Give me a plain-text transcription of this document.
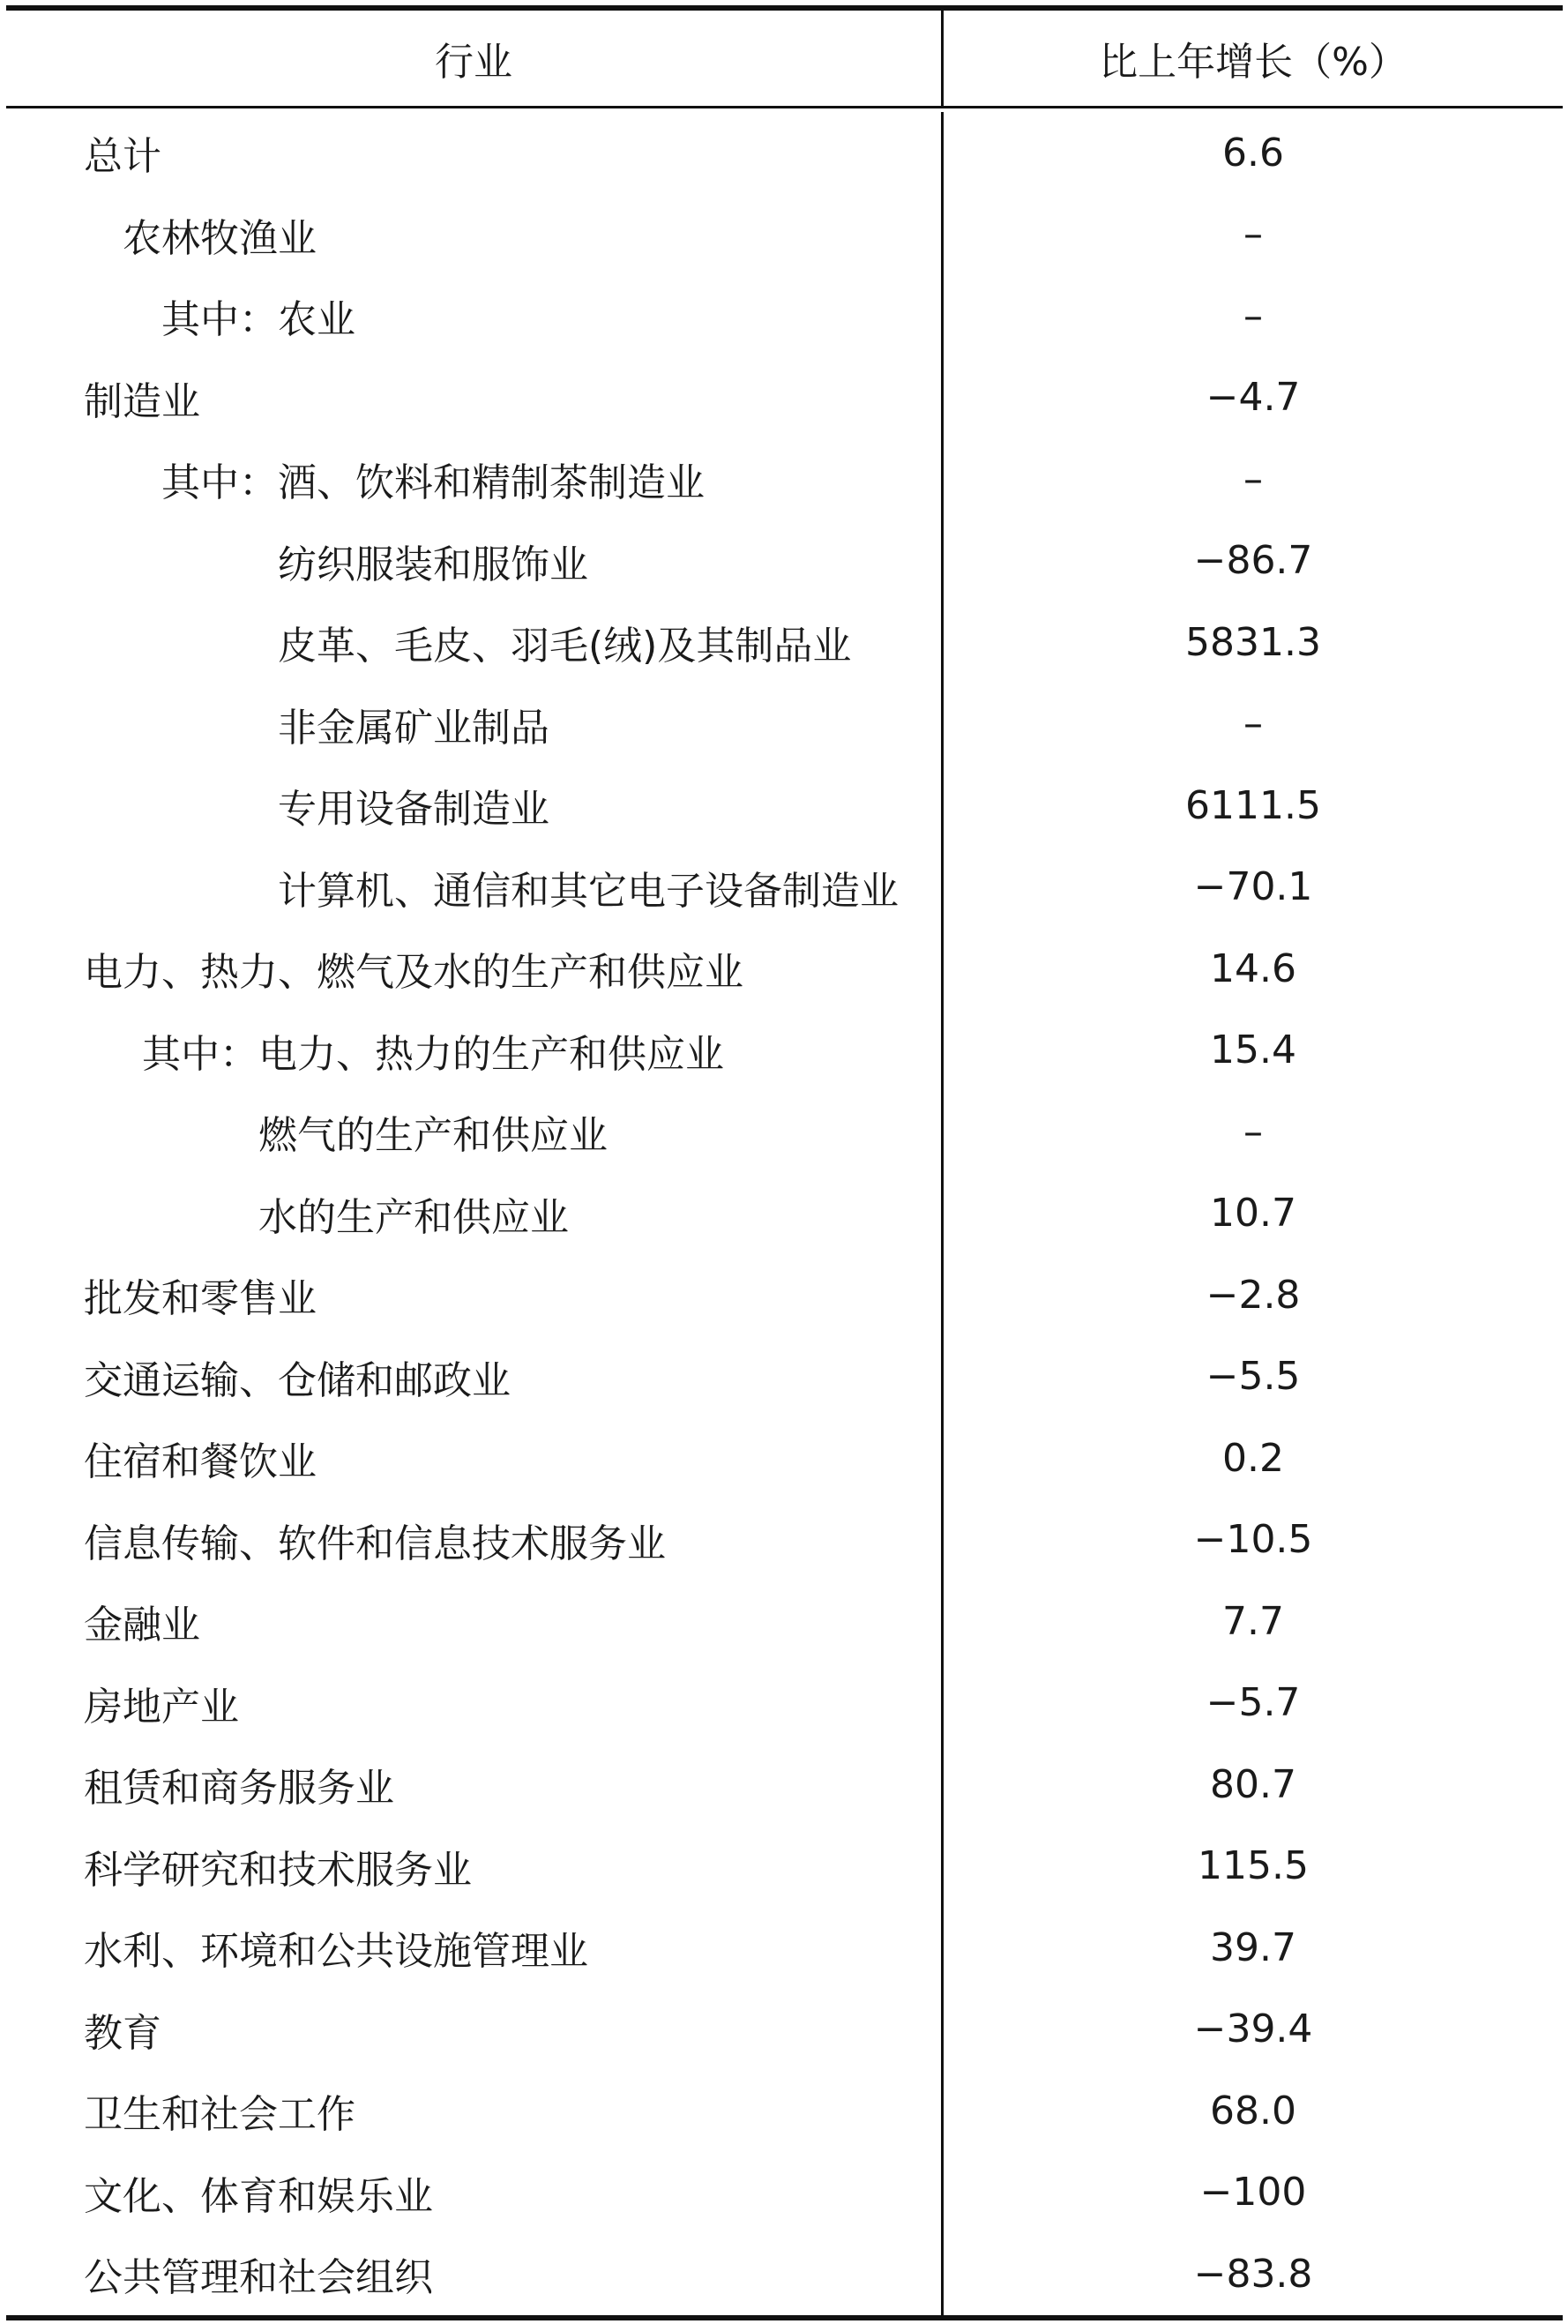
行业	比上年增长（%）
总计	6.6
农林牧渔业	–
其中：农业	–
制造业	−4.7
其中：酒、饮料和精制茶制造业	–
纺织服装和服饰业	−86.7
皮革、毛皮、羽毛(绒)及其制品业	5831.3
非金属矿业制品	–
专用设备制造业	6111.5
计算机、通信和其它电子设备制造业	−70.1
电力、热力、燃气及水的生产和供应业	14.6
其中：电力、热力的生产和供应业	15.4
燃气的生产和供应业	–
水的生产和供应业	10.7
批发和零售业	−2.8
交通运输、仓储和邮政业	−5.5
住宿和餐饮业	0.2
信息传输、软件和信息技术服务业	−10.5
金融业	7.7
房地产业	−5.7
租赁和商务服务业	80.7
科学研究和技术服务业	115.5
水利、环境和公共设施管理业	39.7
教育	−39.4
卫生和社会工作	68.0
文化、体育和娱乐业	−100
公共管理和社会组织	−83.8
